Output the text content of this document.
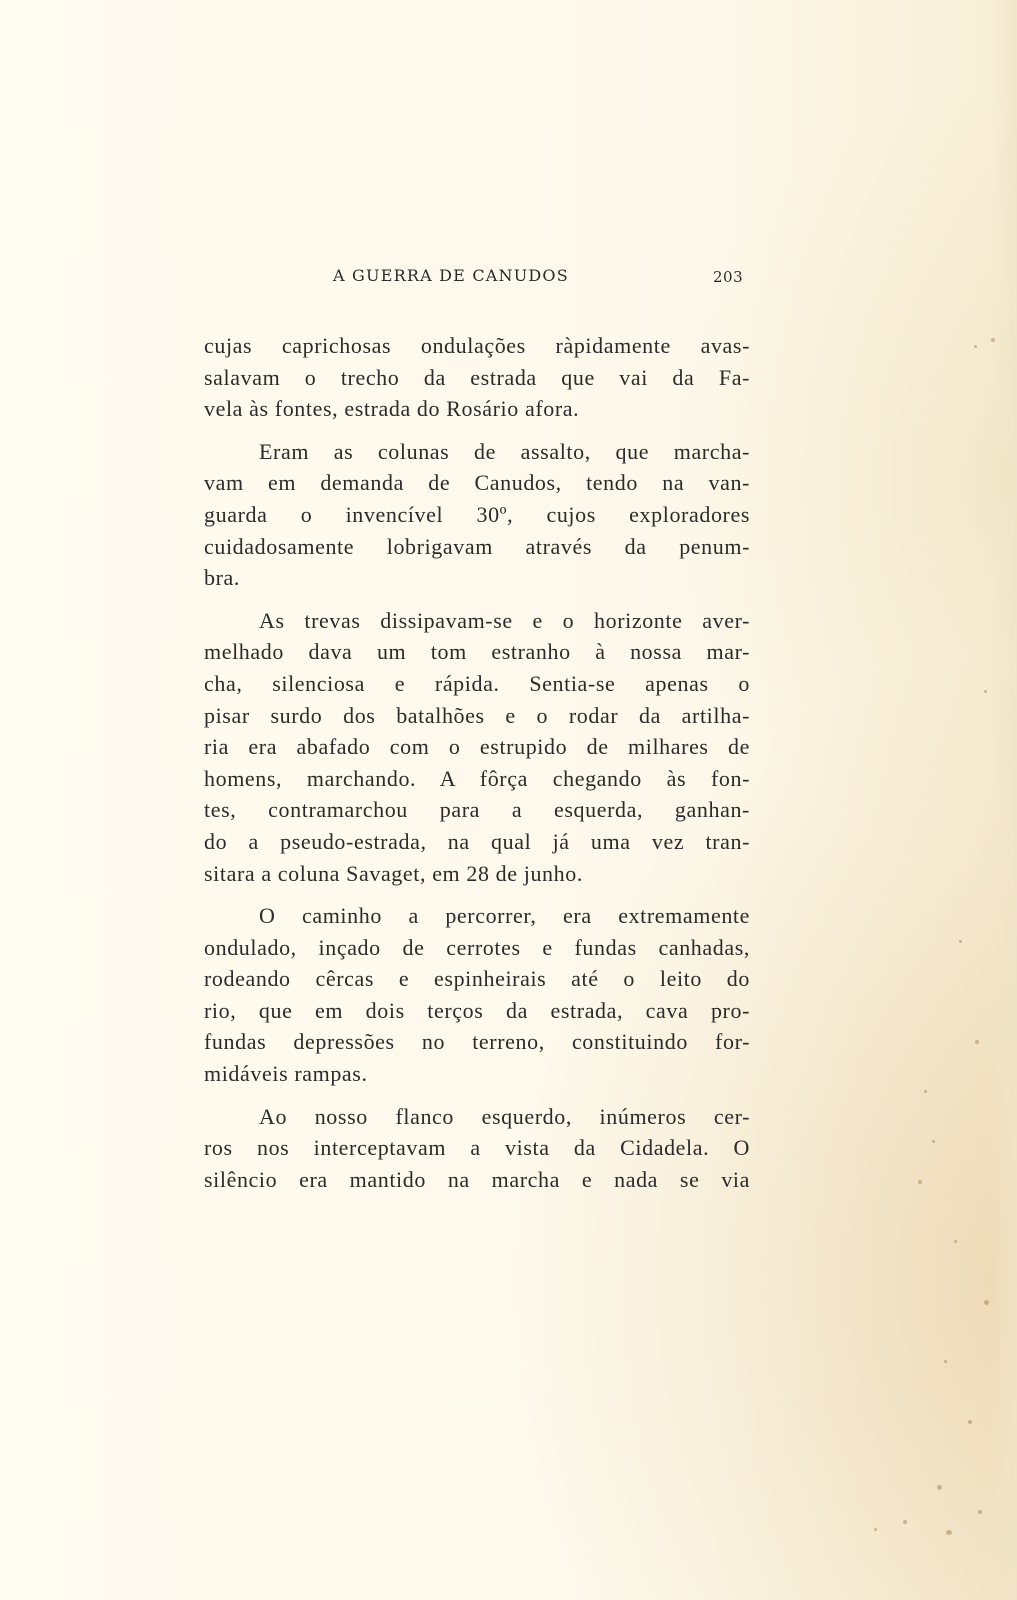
A GUERRA DE CANUDOS	203
cujas caprichosas ondulações ràpidamente avas-
salavam o trecho da estrada que vai da Fa-
vela às fontes, estrada do Rosário afora.
Eram as colunas de assalto, que marcha-
vam em demanda de Canudos, tendo na van-
guarda o invencível 30º, cujos exploradores
cuidadosamente lobrigavam através da penum-
bra.
As trevas dissipavam-se e o horizonte aver-
melhado dava um tom estranho à nossa mar-
cha, silenciosa e rápida. Sentia-se apenas o
pisar surdo dos batalhões e o rodar da artilha-
ria era abafado com o estrupido de milhares de
homens, marchando. A fôrça chegando às fon-
tes, contramarchou para a esquerda, ganhan-
do a pseudo-estrada, na qual já uma vez tran-
sitara a coluna Savaget, em 28 de junho.
O caminho a percorrer, era extremamente
ondulado, inçado de cerrotes e fundas canhadas,
rodeando cêrcas e espinheirais até o leito do
rio, que em dois terços da estrada, cava pro-
fundas depressões no terreno, constituindo for-
midáveis rampas.
Ao nosso flanco esquerdo, inúmeros cer-
ros nos interceptavam a vista da Cidadela. O
silêncio era mantido na marcha e nada se via
